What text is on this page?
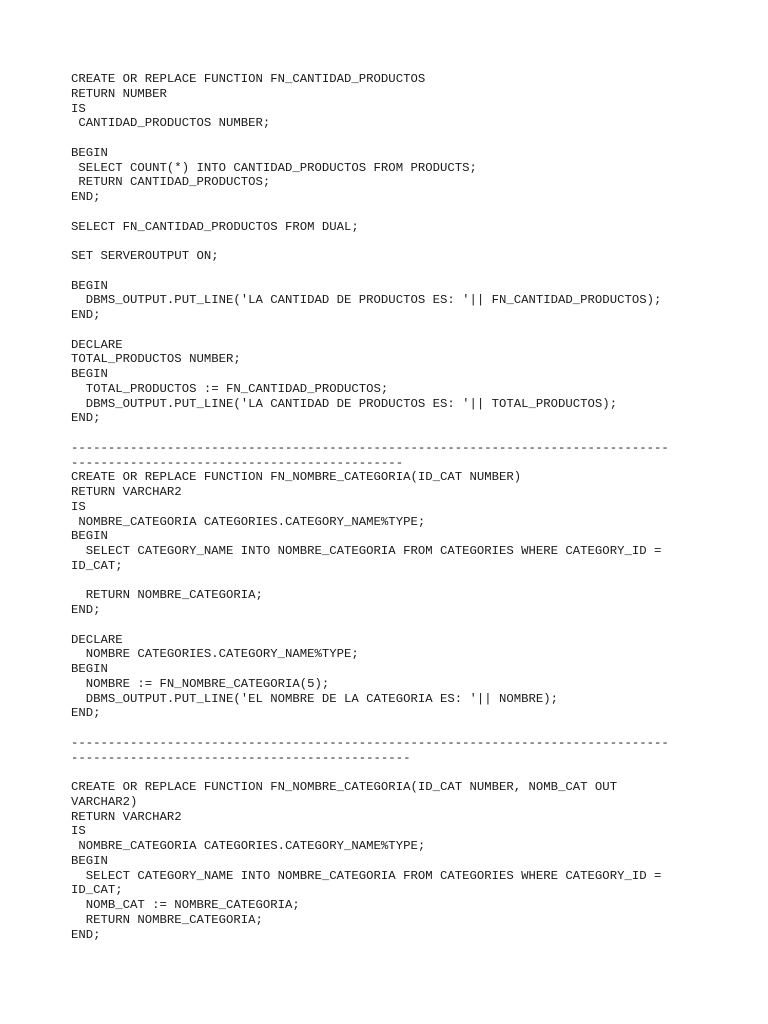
CREATE OR REPLACE FUNCTION FN_CANTIDAD_PRODUCTOS
RETURN NUMBER
IS
CANTIDAD_PRODUCTOS NUMBER;
BEGIN
SELECT COUNT(*) INTO CANTIDAD_PRODUCTOS FROM PRODUCTS;
RETURN CANTIDAD_PRODUCTOS;
END;
SELECT FN_CANTIDAD_PRODUCTOS FROM DUAL;
SET SERVEROUTPUT ON;
BEGIN
DBMS_OUTPUT.PUT_LINE('LA CANTIDAD DE PRODUCTOS ES: '|| FN_CANTIDAD_PRODUCTOS);
END;
DECLARE
TOTAL_PRODUCTOS NUMBER;
BEGIN
TOTAL_PRODUCTOS := FN_CANTIDAD_PRODUCTOS;
DBMS_OUTPUT.PUT_LINE('LA CANTIDAD DE PRODUCTOS ES: '|| TOTAL_PRODUCTOS);
END;
---------------------------------------------------------------------------------
---------------------------------------------
CREATE OR REPLACE FUNCTION FN_NOMBRE_CATEGORIA(ID_CAT NUMBER)
RETURN VARCHAR2
IS
NOMBRE_CATEGORIA CATEGORIES.CATEGORY_NAME%TYPE;
BEGIN
SELECT CATEGORY_NAME INTO NOMBRE_CATEGORIA FROM CATEGORIES WHERE CATEGORY_ID =
ID_CAT;
RETURN NOMBRE_CATEGORIA;
END;
DECLARE
NOMBRE CATEGORIES.CATEGORY_NAME%TYPE;
BEGIN
NOMBRE := FN_NOMBRE_CATEGORIA(5);
DBMS_OUTPUT.PUT_LINE('EL NOMBRE DE LA CATEGORIA ES: '|| NOMBRE);
END;
---------------------------------------------------------------------------------
----------------------------------------------
CREATE OR REPLACE FUNCTION FN_NOMBRE_CATEGORIA(ID_CAT NUMBER, NOMB_CAT OUT
VARCHAR2)
RETURN VARCHAR2
IS
NOMBRE_CATEGORIA CATEGORIES.CATEGORY_NAME%TYPE;
BEGIN
SELECT CATEGORY_NAME INTO NOMBRE_CATEGORIA FROM CATEGORIES WHERE CATEGORY_ID =
ID_CAT;
NOMB_CAT := NOMBRE_CATEGORIA;
RETURN NOMBRE_CATEGORIA;
END;
